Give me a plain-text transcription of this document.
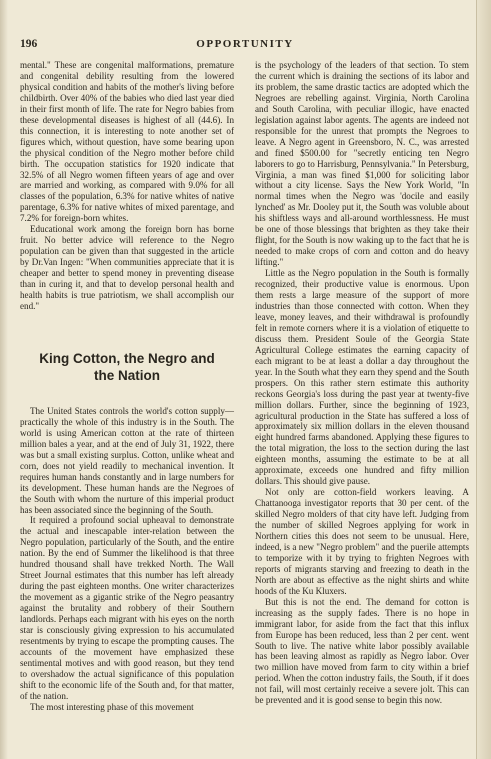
196	OPPORTUNITY

mental." These are congenital malformations, premature and congenital debility resulting from the lowered physical condition and habits of the mother's living before childbirth. Over 40% of the babies who died last year died in their first month of life. The rate for Negro babies from these developmental diseases is highest of all (44.6). In this connection, it is interesting to note another set of figures which, without question, have some bearing upon the physical condition of the Negro mother before child birth. The occupation statistics for 1920 indicate that 32.5% of all Negro women fifteen years of age and over are married and working, as compared with 9.0% for all classes of the population, 6.3% for native whites of native parentage, 6.3% for native whites of mixed parentage, and 7.2% for foreign-born whites.

Educational work among the foreign born has borne fruit. No better advice will reference to the Negro population can be given than that suggested in the article by Dr.Van Ingen: "When communities appreciate that it is cheaper and better to spend money in preventing disease than in curing it, and that to develop personal health and health habits is true patriotism, we shall accomplish our end."

King Cotton, the Negro and
the Nation

The United States controls the world's cotton supply—practically the whole of this industry is in the South. The world is using American cotton at the rate of thirteen million bales a year, and at the end of July 31, 1922, there was but a small existing surplus. Cotton, unlike wheat and corn, does not yield readily to mechanical invention. It requires human hands constantly and in large numbers for its development. These human hands are the Negroes of the South with whom the nurture of this imperial product has been associated since the beginning of the South.

It required a profound social upheaval to demonstrate the actual and inescapable inter-relation between the Negro population, particularly of the South, and the entire nation. By the end of Summer the likelihood is that three hundred thousand shall have trekked North. The Wall Street Journal estimates that this number has left already during the past eighteen months. One writer characterizes the movement as a gigantic strike of the Negro peasantry against the brutality and robbery of their Southern landlords. Perhaps each migrant with his eyes on the north star is consciously giving expression to his accumulated resentments by trying to escape the prompting causes. The accounts of the movement have emphasized these sentimental motives and with good reason, but they tend to overshadow the actual significance of this population shift to the economic life of the South and, for that matter, of the nation.

The most interesting phase of this movement

is the psychology of the leaders of that section. To stem the current which is draining the sections of its labor and its problem, the same drastic tactics are adopted which the Negroes are rebelling against. Virginia, North Carolina and South Carolina, with peculiar illogic, have enacted legislation against labor agents. The agents are indeed not responsible for the unrest that prompts the Negroes to leave. A Negro agent in Greensboro, N. C., was arrested and fined $500.00 for "secretly enticing ten Negro laborers to go to Harrisburg, Pennsylvania." In Petersburg, Virginia, a man was fined $1,000 for soliciting labor without a city license. Says the New York World, "In normal times when the Negro was 'docile and easily lynched' as Mr. Dooley put it, the South was voluble about his shiftless ways and all-around worthlessness. He must be one of those blessings that brighten as they take their flight, for the South is now waking up to the fact that he is needed to make crops of corn and cotton and do heavy lifting."

Little as the Negro population in the South is formally recognized, their productive value is enormous. Upon them rests a large measure of the support of more industries than those connected with cotton. When they leave, money leaves, and their withdrawal is profoundly felt in remote corners where it is a violation of etiquette to discuss them. President Soule of the Georgia State Agricultural College estimates the earning capacity of each migrant to be at least a dollar a day throughout the year. In the South what they earn they spend and the South prospers. On this rather stern estimate this authority reckons Georgia's loss during the past year at twenty-five million dollars. Further, since the beginning of 1923, agricultural production in the State has suffered a loss of approximately six million dollars in the eleven thousand eight hundred farms abandoned. Applying these figures to the total migration, the loss to the section during the last eighteen months, assuming the estimate to be at all approximate, exceeds one hundred and fifty million dollars. This should give pause.

Not only are cotton-field workers leaving. A Chattanooga investigator reports that 30 per cent. of the skilled Negro molders of that city have left. Judging from the number of skilled Negroes applying for work in Northern cities this does not seem to be unusual. Here, indeed, is a new "Negro problem" and the puerile attempts to temporize with it by trying to frighten Negroes with reports of migrants starving and freezing to death in the North are about as effective as the night shirts and white hoods of the Ku Kluxers.

But this is not the end. The demand for cotton is increasing as the supply fades. There is no hope in immigrant labor, for aside from the fact that this influx from Europe has been reduced, less than 2 per cent. went South to live. The native white labor possibly available has been leaving almost as rapidly as Negro labor. Over two million have moved from farm to city within a brief period. When the cotton industry fails, the South, if it does not fail, will most certainly receive a severe jolt. This can be prevented and it is good sense to begin this now.
